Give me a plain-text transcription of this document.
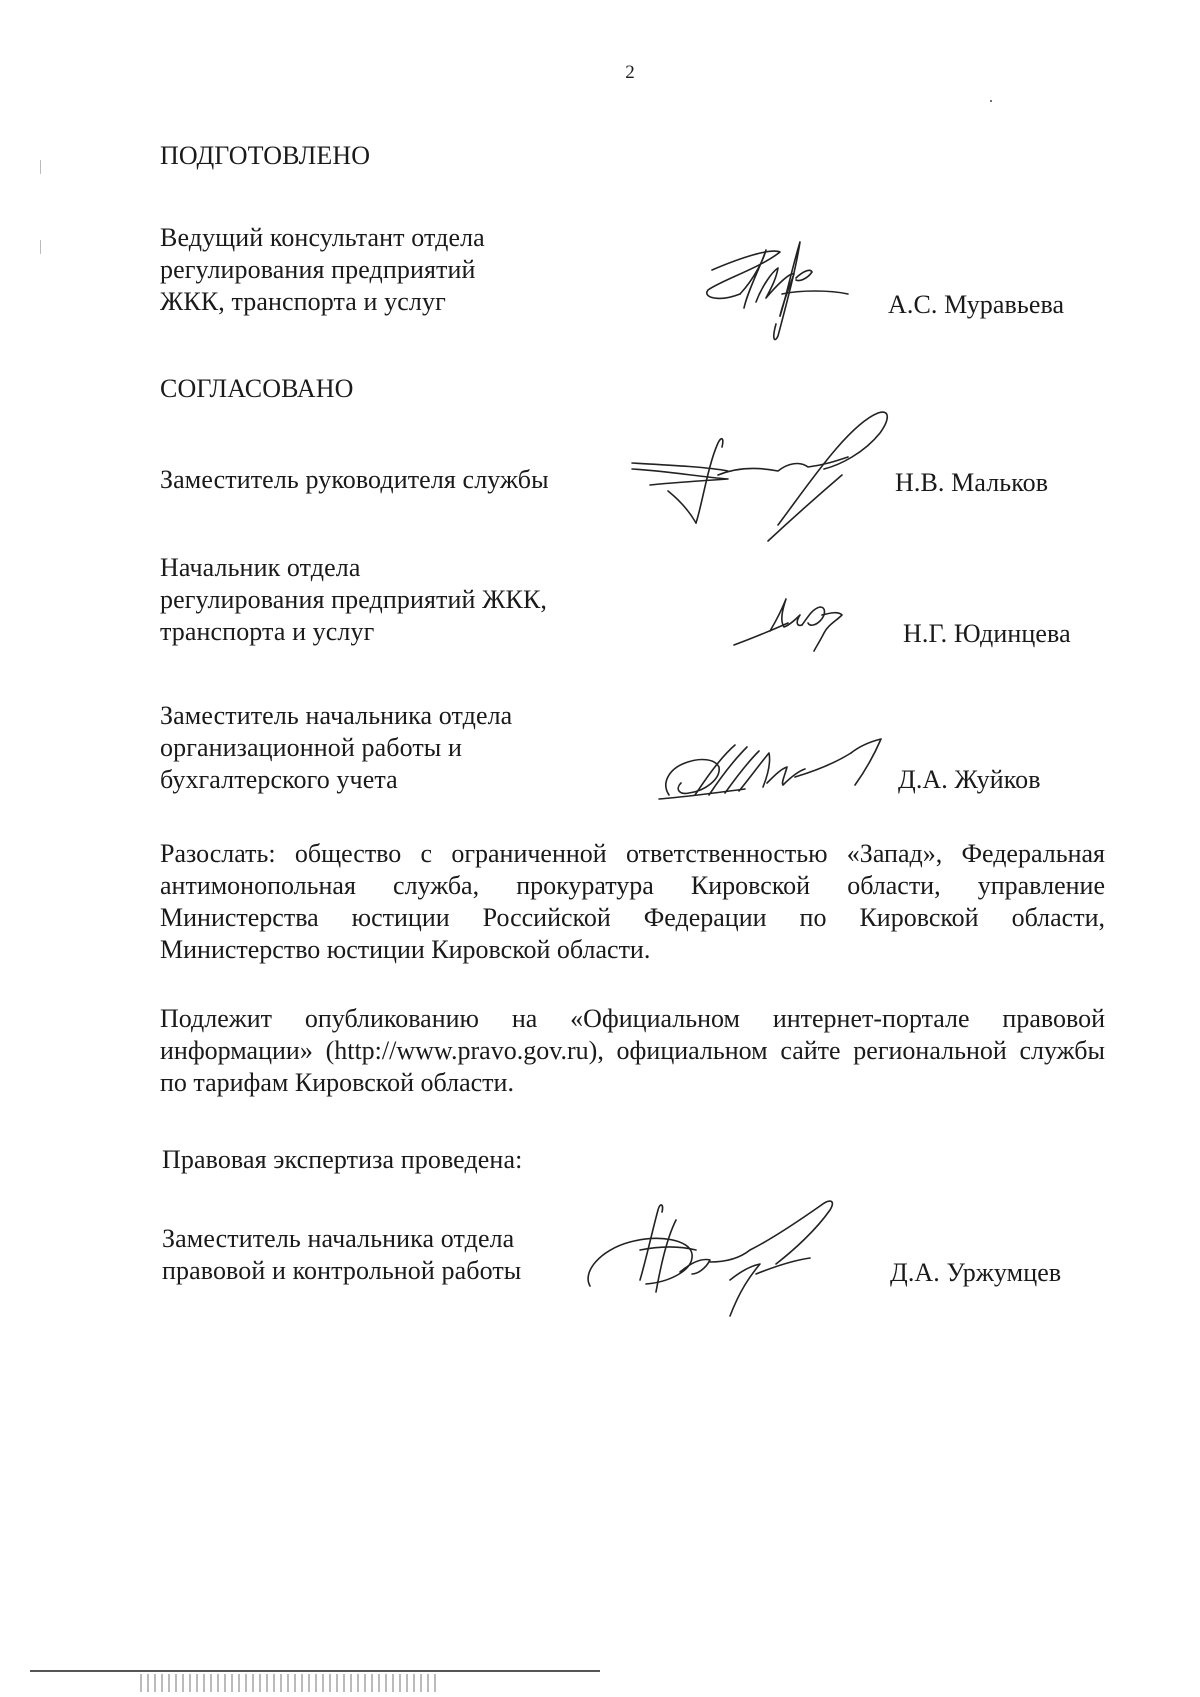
2
ПОДГОТОВЛЕНО
Ведущий консультант отдела
регулирования предприятий
ЖКК, транспорта и услуг	А.С. Муравьева
СОГЛАСОВАНО
Заместитель руководителя службы	Н.В. Мальков
Начальник отдела
регулирования предприятий ЖКК,
транспорта и услуг	Н.Г. Юдинцева
Заместитель начальника отдела
организационной работы и
бухгалтерского учета	Д.А. Жуйков
Разослать: общество с ограниченной ответственностью «Запад», Федеральная антимонопольная служба, прокуратура Кировской области, управление Министерства юстиции Российской Федерации по Кировской области, Министерство юстиции Кировской области.
Подлежит опубликованию на «Официальном интернет-портале правовой информации» (http://www.pravo.gov.ru), официальном сайте региональной службы по тарифам Кировской области.
Правовая экспертиза проведена:
Заместитель начальника отдела
правовой и контрольной работы	Д.А. Уржумцев
